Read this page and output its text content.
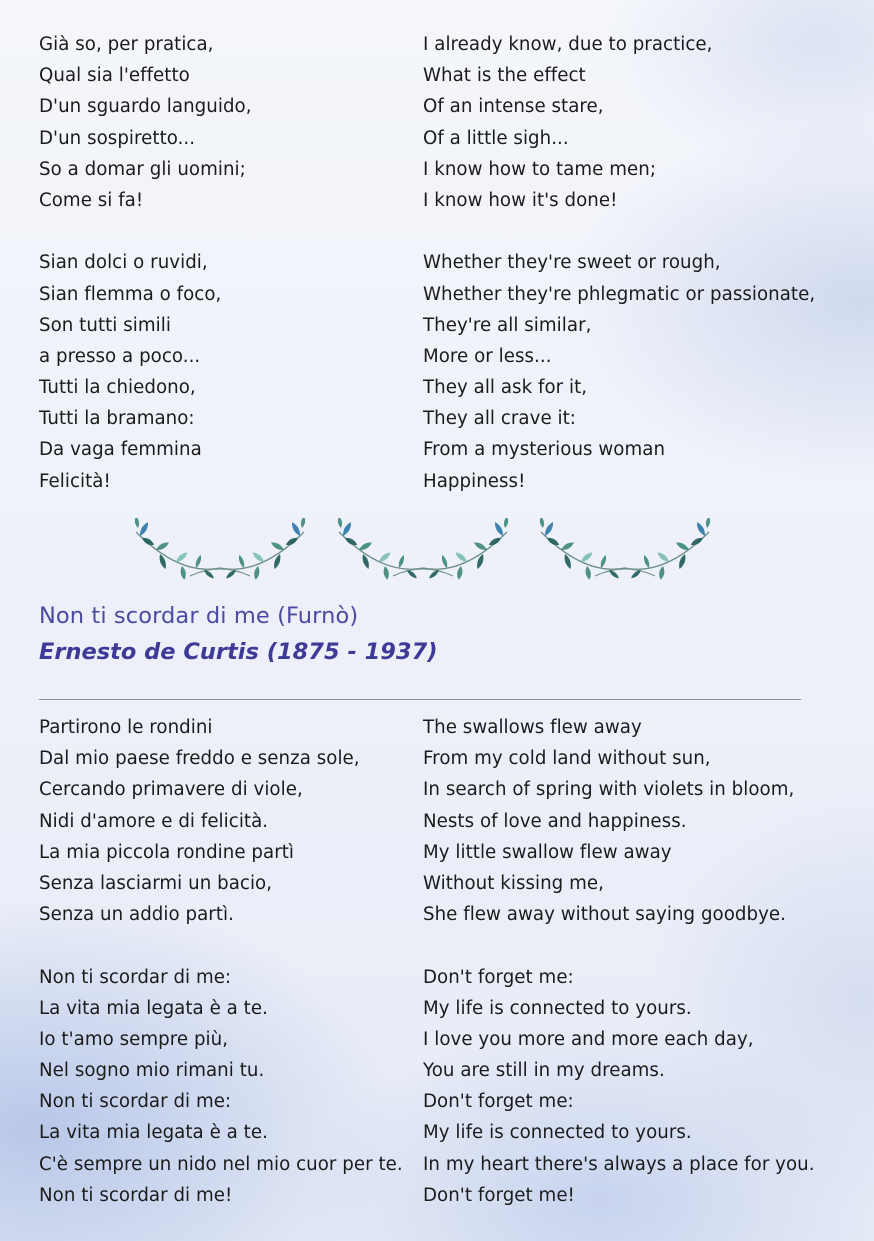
Già so, per pratica,
Qual sia l'effetto
D'un sguardo languido,
D'un sospiretto...
So a domar gli uomini;
Come si fa!
Sian dolci o ruvidi,
Sian flemma o foco,
Son tutti simili
a presso a poco...
Tutti la chiedono,
Tutti la bramano:
Da vaga femmina
Felicità!
I already know, due to practice,
What is the effect
Of an intense stare,
Of a little sigh...
I know how to tame men;
I know how it's done!
Whether they're sweet or rough,
Whether they're phlegmatic or passionate,
They're all similar,
More or less...
They all ask for it,
They all crave it:
From a mysterious woman
Happiness!
Non ti scordar di me (Furnò)
Ernesto de Curtis (1875 - 1937)
Partirono le rondini
Dal mio paese freddo e senza sole,
Cercando primavere di viole,
Nidi d'amore e di felicità.
La mia piccola rondine partì
Senza lasciarmi un bacio,
Senza un addio partì.
Non ti scordar di me:
La vita mia legata è a te.
Io t'amo sempre più,
Nel sogno mio rimani tu.
Non ti scordar di me:
La vita mia legata è a te.
C'è sempre un nido nel mio cuor per te.
Non ti scordar di me!
The swallows flew away
From my cold land without sun,
In search of spring with violets in bloom,
Nests of love and happiness.
My little swallow flew away
Without kissing me,
She flew away without saying goodbye.
Don't forget me:
My life is connected to yours.
I love you more and more each day,
You are still in my dreams.
Don't forget me:
My life is connected to yours.
In my heart there's always a place for you.
Don't forget me!
